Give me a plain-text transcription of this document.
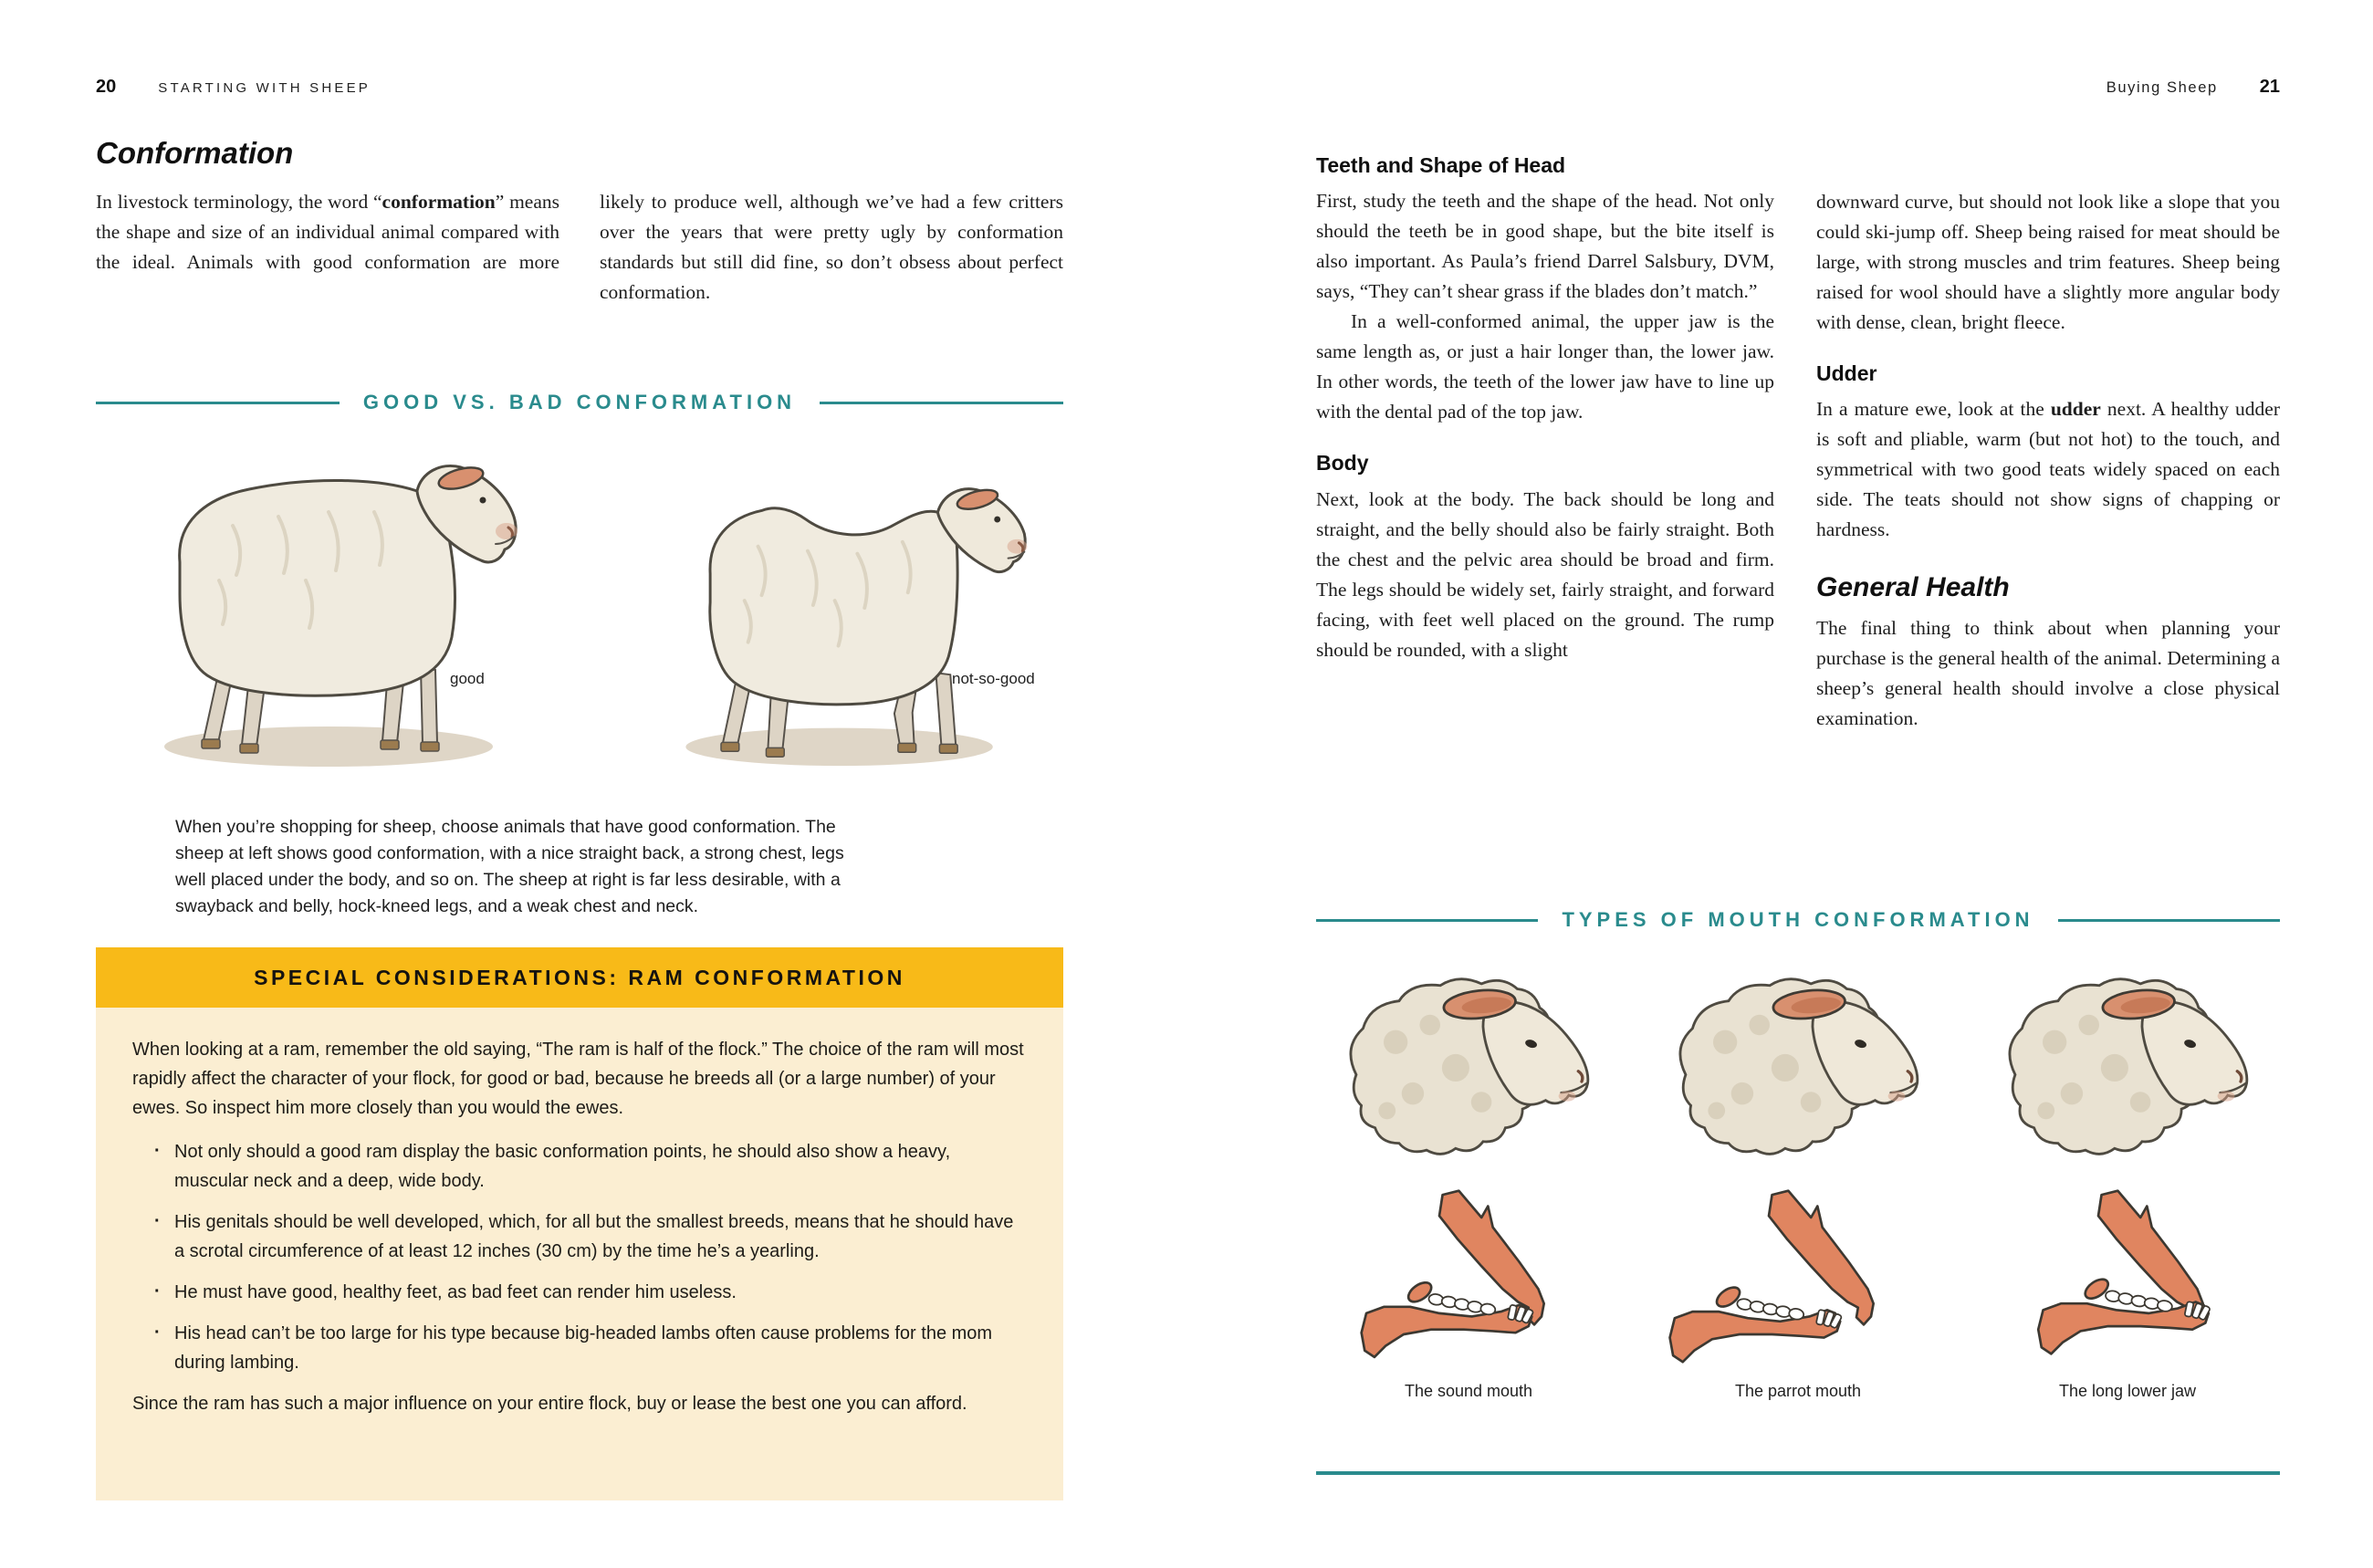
20	STARTING WITH SHEEP
Conformation

In livestock terminology, the word “conformation” means the shape and size of an individual animal compared with the ideal. Animals with good conformation are more

likely to produce well, although we’ve had a few critters over the years that were pretty ugly by conformation standards but still did fine, so don’t obsess about perfect conformation.

GOOD VS. BAD CONFORMATION
good	not-so-good

When you’re shopping for sheep, choose animals that have good conformation. The sheep at left shows good conformation, with a nice straight back, a strong chest, legs well placed under the body, and so on. The sheep at right is far less desirable, with a swayback and belly, hock-kneed legs, and a weak chest and neck.

SPECIAL CONSIDERATIONS: RAM CONFORMATION

When looking at a ram, remember the old saying, “The ram is half of the flock.” The choice of the ram will most rapidly affect the character of your flock, for good or bad, because he breeds all (or a large number) of your ewes. So inspect him more closely than you would the ewes.

· Not only should a good ram display the basic conformation points, he should also show a heavy, muscular neck and a deep, wide body.
· His genitals should be well developed, which, for all but the smallest breeds, means that he should have a scrotal circumference of at least 12 inches (30 cm) by the time he’s a yearling.
· He must have good, healthy feet, as bad feet can render him useless.
· His head can’t be too large for his type because big-headed lambs often cause problems for the mom during lambing.

Since the ram has such a major influence on your entire flock, buy or lease the best one you can afford.

Buying Sheep 21
Teeth and Shape of Head

First, study the teeth and the shape of the head. Not only should the teeth be in good shape, but the bite itself is also important. As Paula’s friend Darrel Salsbury, DVM, says, “They can’t shear grass if the blades don’t match.”

In a well-conformed animal, the upper jaw is the same length as, or just a hair longer than, the lower jaw. In other words, the teeth of the lower jaw have to line up with the dental pad of the top jaw.

Body

Next, look at the body. The back should be long and straight, and the belly should also be fairly straight. Both the chest and the pelvic area should be broad and firm. The legs should be widely set, fairly straight, and forward facing, with feet well placed on the ground. The rump should be rounded, with a slight

downward curve, but should not look like a slope that you could ski-jump off. Sheep being raised for meat should be large, with strong muscles and trim features. Sheep being raised for wool should have a slightly more angular body with dense, clean, bright fleece.

Udder

In a mature ewe, look at the udder next. A healthy udder is soft and pliable, warm (but not hot) to the touch, and symmetrical with two good teats widely spaced on each side. The teats should not show signs of chapping or hardness.

General Health

The final thing to think about when planning your purchase is the general health of the animal. Determining a sheep’s general health should involve a close physical examination.

TYPES OF MOUTH CONFORMATION
The sound mouth	The parrot mouth	The long lower jaw
